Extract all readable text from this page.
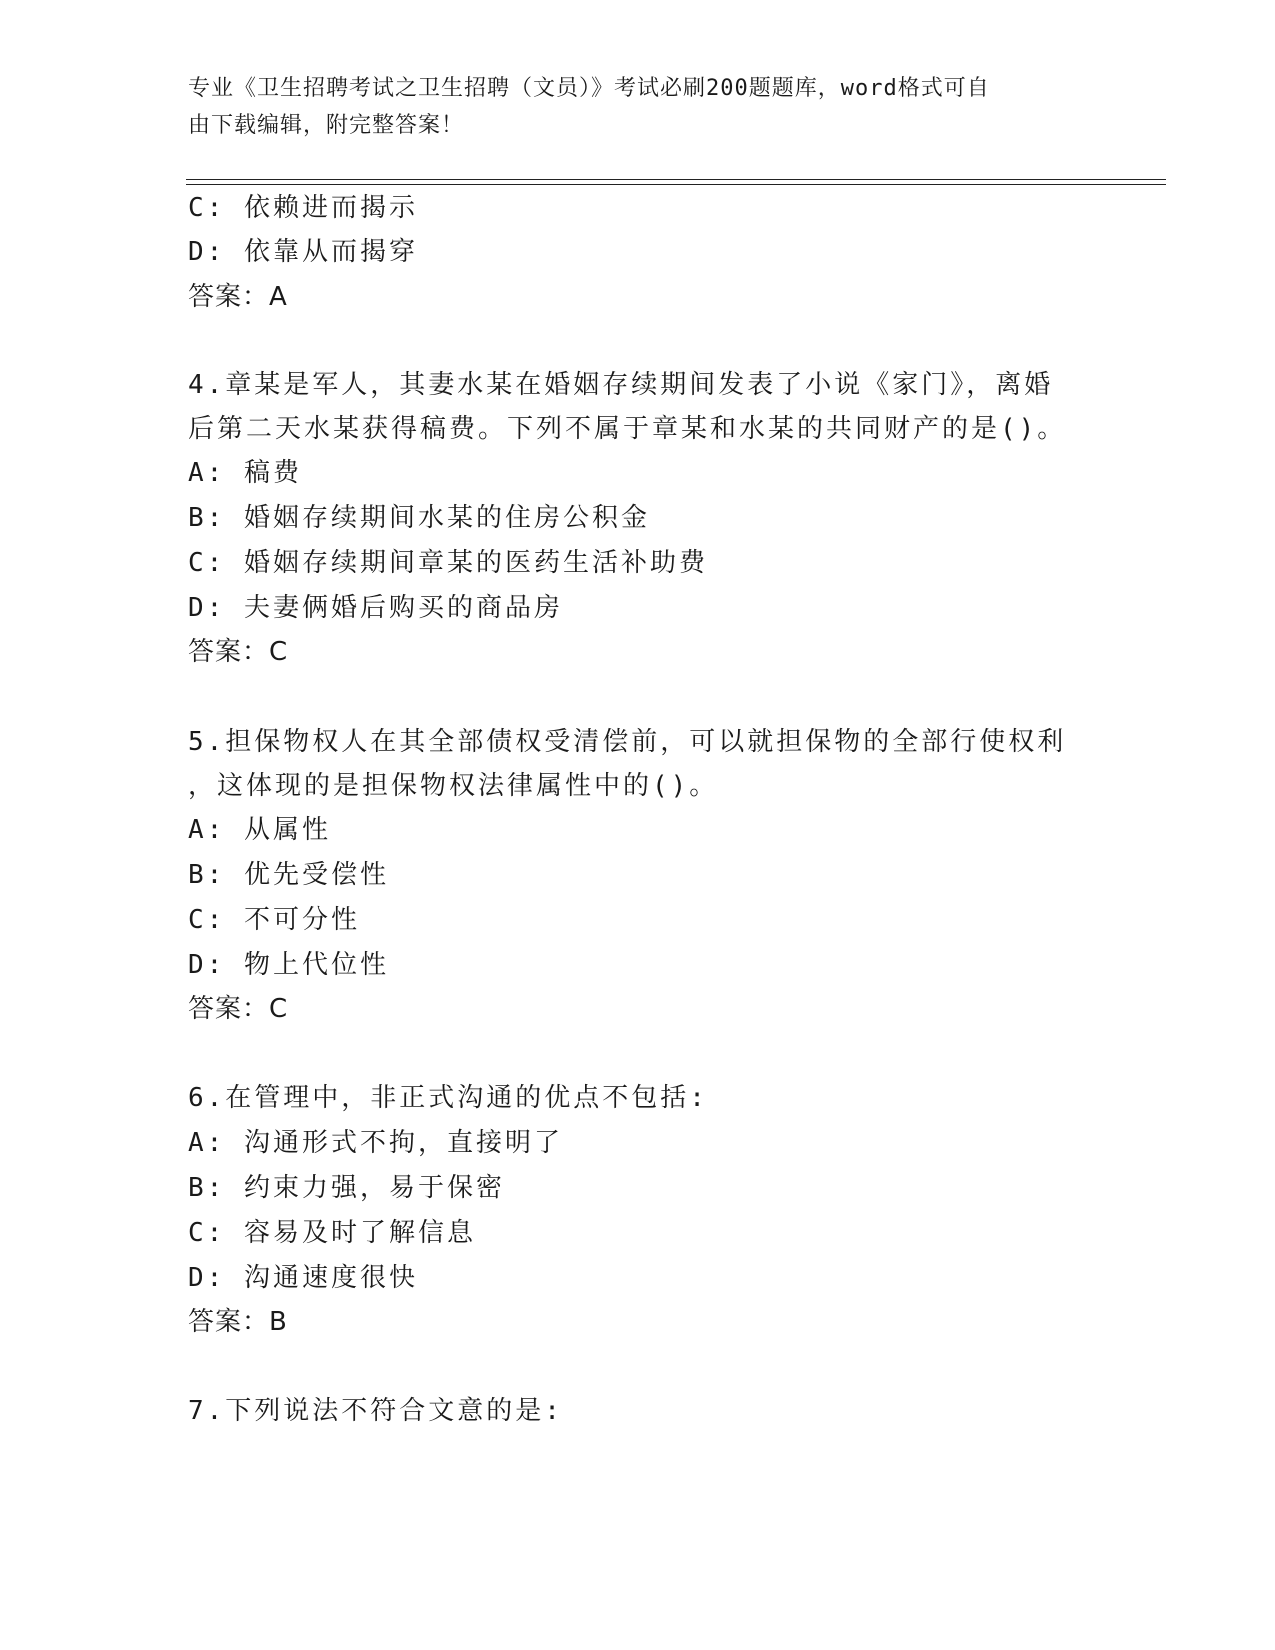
专业《卫生招聘考试之卫生招聘（文员）》考试必刷200题题库，word格式可自
由下载编辑，附完整答案！
C: 依赖进而揭示
D: 依靠从而揭穿
答案：A
4.章某是军人，其妻水某在婚姻存续期间发表了小说《家门》，离婚
后第二天水某获得稿费。下列不属于章某和水某的共同财产的是()。
A: 稿费
B: 婚姻存续期间水某的住房公积金
C: 婚姻存续期间章某的医药生活补助费
D: 夫妻俩婚后购买的商品房
答案：C
5.担保物权人在其全部债权受清偿前，可以就担保物的全部行使权利
，这体现的是担保物权法律属性中的()。
A: 从属性
B: 优先受偿性
C: 不可分性
D: 物上代位性
答案：C
6.在管理中，非正式沟通的优点不包括:
A: 沟通形式不拘，直接明了
B: 约束力强，易于保密
C: 容易及时了解信息
D: 沟通速度很快
答案：B
7.下列说法不符合文意的是:
